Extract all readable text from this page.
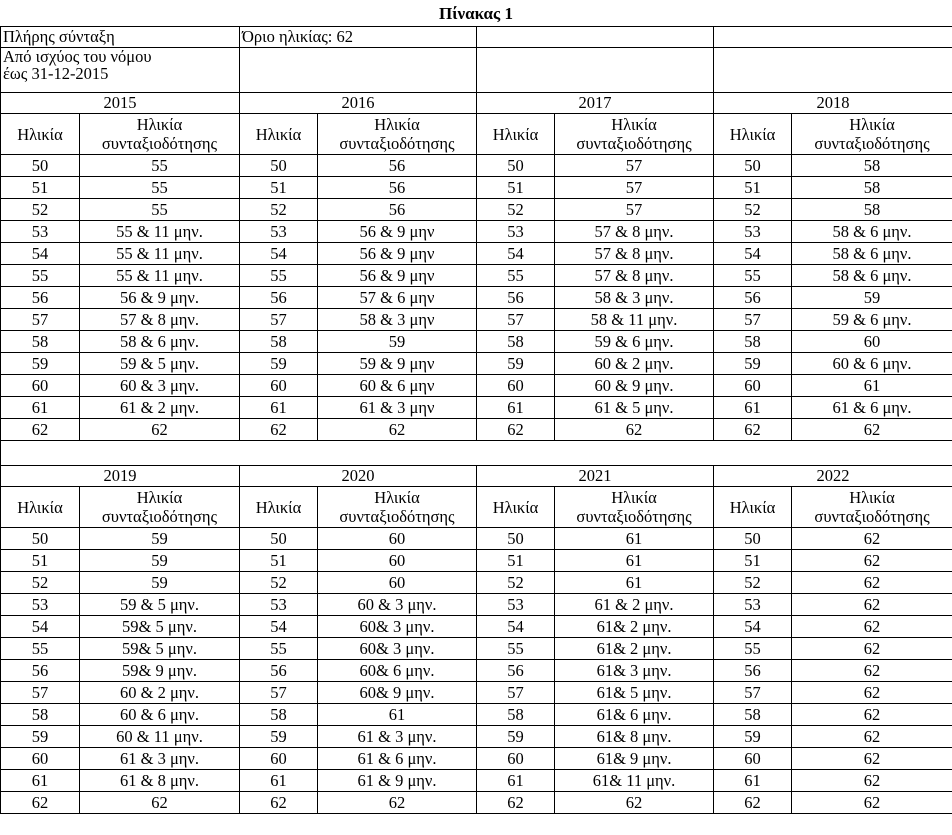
Πίνακας 1
Πλήρης σύνταξη		Όριο ηλικίας: 62					

Από ισχύος του νόμου
έως 31-12-2015							

2015		2016		2017		2018	
Ηλικία	Ηλικία συνταξιοδότησης	Ηλικία	Ηλικία συνταξιοδότησης	Ηλικία	Ηλικία συνταξιοδότησης	Ηλικία	Ηλικία συνταξιοδότησης
50	55	50	56	50	57	50	58
51	55	51	56	51	57	51	58
52	55	52	56	52	57	52	58
53	55 & 11 μην.	53	56 & 9 μην	53	57 & 8 μην.	53	58 & 6 μην.
54	55 & 11 μην.	54	56 & 9 μην	54	57 & 8 μην.	54	58 & 6 μην.
55	55 & 11 μην.	55	56 & 9 μην	55	57 & 8 μην.	55	58 & 6 μην.
56	56 & 9 μην.	56	57 & 6 μην	56	58 & 3 μην.	56	59
57	57 & 8 μην.	57	58 & 3 μην	57	58 & 11 μην.	57	59 & 6 μην.
58	58 & 6 μην.	58	59	58	59 & 6 μην.	58	60
59	59 & 5 μην.	59	59 & 9 μην	59	60 & 2 μην.	59	60 & 6 μην.
60	60 & 3 μην.	60	60 & 6 μην	60	60 & 9 μην.	60	61
61	61 & 2 μην.	61	61 & 3 μην	61	61 & 5 μην.	61	61 & 6 μην.
62	62	62	62	62	62	62	62

2019		2020		2021		2022	
Ηλικία	Ηλικία συνταξιοδότησης	Ηλικία	Ηλικία συνταξιοδότησης	Ηλικία	Ηλικία συνταξιοδότησης	Ηλικία	Ηλικία συνταξιοδότησης
50	59	50	60	50	61	50	62
51	59	51	60	51	61	51	62
52	59	52	60	52	61	52	62
53	59 & 5 μην.	53	60 & 3 μην.	53	61 & 2 μην.	53	62
54	59& 5 μην.	54	60& 3 μην.	54	61& 2 μην.	54	62
55	59& 5 μην.	55	60& 3 μην.	55	61& 2 μην.	55	62
56	59& 9 μην.	56	60& 6 μην.	56	61& 3 μην.	56	62
57	60 & 2 μην.	57	60& 9 μην.	57	61& 5 μην.	57	62
58	60 & 6 μην.	58	61	58	61& 6 μην.	58	62
59	60 & 11 μην.	59	61 & 3 μην.	59	61& 8 μην.	59	62
60	61 & 3 μην.	60	61 & 6 μην.	60	61& 9 μην.	60	62
61	61 & 8 μην.	61	61 & 9 μην.	61	61& 11 μην.	61	62
62	62	62	62	62	62	62	62
